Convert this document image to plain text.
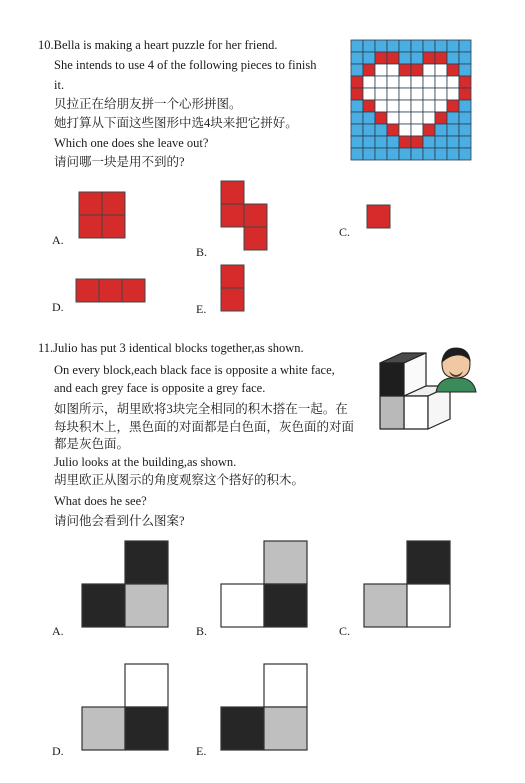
10.Bella is making a heart puzzle for her friend.
She intends to use 4 of the following pieces to finish
it.
贝拉正在给朋友拼一个心形拼图。
她打算从下面这些图形中选4块来把它拼好。
Which one does she leave out?
请问哪一块是用不到的?
A.
B.
C.
D.	E.
11.Julio has put 3 identical blocks together,as shown.
On every block,each black face is opposite a white face,
and each grey face is opposite a grey face.
如图所示，胡里欧将3块完全相同的积木搭在一起。在
每块积木上，黑色面的对面都是白色面，灰色面的对面
都是灰色面。
Julio looks at the building,as shown.
胡里欧正从图示的角度观察这个搭好的积木。
What does he see?
请问他会看到什么图案?
A.	B.	C.
D.	E.
